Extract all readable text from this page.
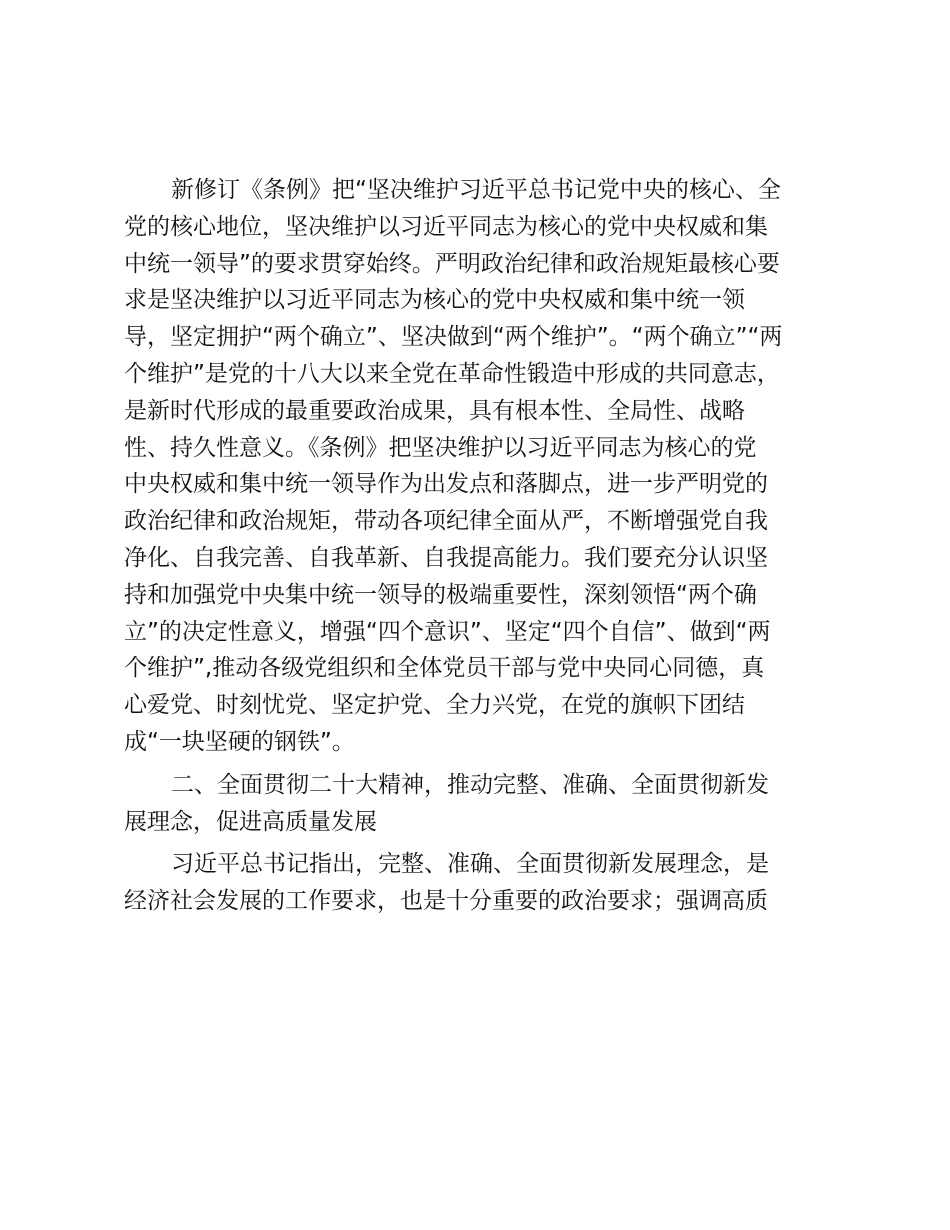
新修订《条例》把“坚决维护习近平总书记党中央的核心、全
党的核心地位，坚决维护以习近平同志为核心的党中央权威和集
中统一领导”的要求贯穿始终。严明政治纪律和政治规矩最核心要
求是坚决维护以习近平同志为核心的党中央权威和集中统一领
导，坚定拥护“两个确立”、坚决做到“两个维护”。“两个确立”“两
个维护”是党的十八大以来全党在革命性锻造中形成的共同意志，
是新时代形成的最重要政治成果，具有根本性、全局性、战略
性、持久性意义。《条例》把坚决维护以习近平同志为核心的党
中央权威和集中统一领导作为出发点和落脚点，进一步严明党的
政治纪律和政治规矩，带动各项纪律全面从严，不断增强党自我
净化、自我完善、自我革新、自我提高能力。我们要充分认识坚
持和加强党中央集中统一领导的极端重要性，深刻领悟“两个确
立”的决定性意义，增强“四个意识”、坚定“四个自信”、做到“两
个维护”,推动各级党组织和全体党员干部与党中央同心同德，真
心爱党、时刻忧党、坚定护党、全力兴党，在党的旗帜下团结
成“一块坚硬的钢铁”。
二、全面贯彻二十大精神，推动完整、准确、全面贯彻新发
展理念，促进高质量发展
习近平总书记指出，完整、准确、全面贯彻新发展理念，是
经济社会发展的工作要求，也是十分重要的政治要求；强调高质
